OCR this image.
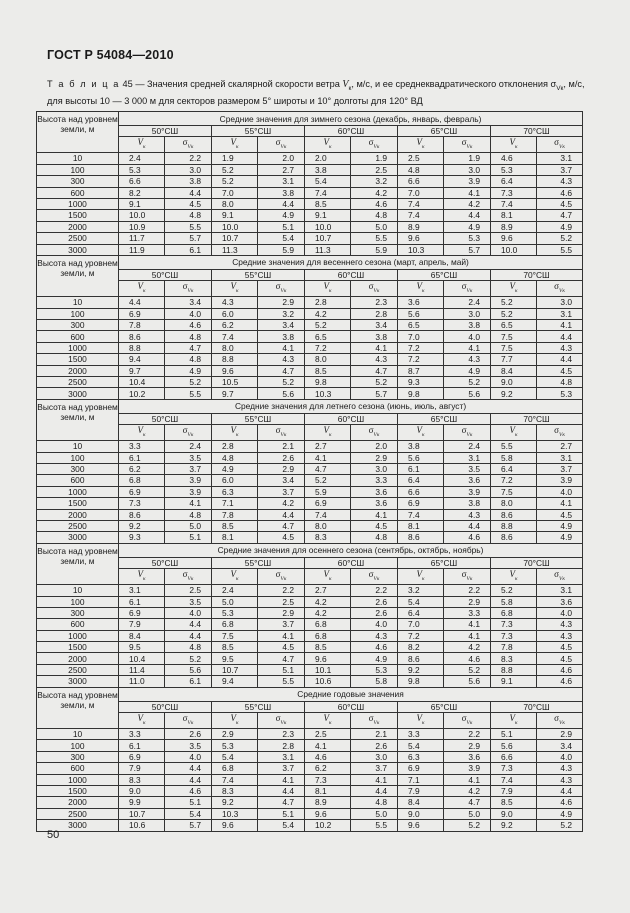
ГОСТ Р 54084—2010
Т а б л и ц а 45 — Значения средней скалярной скорости ветра $V_к$, м/с, и ее среднеквадратического отклонения $\sigma_{Vк}$, м/с, для высоты 10 — 3 000 м для секторов размером 5° широты и 10° долготы для 120° ВД
Высота над уровнем земли, м	Средние значения для зимнего сезона (декабрь, январь, февраль)									
	50°СШ		55°СШ		60°СШ		65°СШ		70°СШ	
	$V_к$	$\sigma_{Vк}$	$V_к$	$\sigma_{Vк}$	$V_к$	$\sigma_{Vк}$	$V_к$	$\sigma_{Vк}$	$V_к$	$\sigma_{Vк}$
10	2.4	2.2	1.9	2.0	2.0	1.9	2.5	1.9	4.6	3.1
100	5.3	3.0	5.2	2.7	3.8	2.5	4.8	3.0	5.3	3.7
300	6.6	3.8	5.2	3.1	5.4	3.2	6.6	3.9	6.4	4.3
600	8.2	4.4	7.0	3.8	7.4	4.2	7.0	4.1	7.3	4.6
1000	9.1	4.5	8.0	4.4	8.5	4.6	7.4	4.2	7.4	4.5
1500	10.0	4.8	9.1	4.9	9.1	4.8	7.4	4.4	8.1	4.7
2000	10.9	5.5	10.0	5.1	10.0	5.0	8.9	4.9	8.9	4.9
2500	11.7	5.7	10.7	5.4	10.7	5.5	9.6	5.3	9.6	5.2
3000	11.9	6.1	11.3	5.9	11.3	5.9	10.3	5.7	10.0	5.5
Высота над уровнем земли, м	Средние значения для весеннего сезона (март, апрель, май)									
	50°СШ		55°СШ		60°СШ		65°СШ		70°СШ	
	$V_к$	$\sigma_{Vк}$	$V_к$	$\sigma_{Vк}$	$V_к$	$\sigma_{Vк}$	$V_к$	$\sigma_{Vк}$	$V_к$	$\sigma_{Vк}$
10	4.4	3.4	4.3	2.9	2.8	2.3	3.6	2.4	5.2	3.0
100	6.9	4.0	6.0	3.2	4.2	2.8	5.6	3.0	5.2	3.1
300	7.8	4.6	6.2	3.4	5.2	3.4	6.5	3.8	6.5	4.1
600	8.6	4.8	7.4	3.8	6.5	3.8	7.0	4.0	7.5	4.4
1000	8.8	4.7	8.0	4.1	7.2	4.1	7.2	4.1	7.5	4.3
1500	9.4	4.8	8.8	4.3	8.0	4.3	7.2	4.3	7.7	4.4
2000	9.7	4.9	9.6	4.7	8.5	4.7	8.7	4.9	8.4	4.5
2500	10.4	5.2	10.5	5.2	9.8	5.2	9.3	5.2	9.0	4.8
3000	10.2	5.5	9.7	5.6	10.3	5.7	9.8	5.6	9.2	5.3
Высота над уровнем земли, м	Средние значения для летнего сезона (июнь, июль, август)									
	50°СШ		55°СШ		60°СШ		65°СШ		70°СШ	
	$V_к$	$\sigma_{Vк}$	$V_к$	$\sigma_{Vк}$	$V_к$	$\sigma_{Vк}$	$V_к$	$\sigma_{Vк}$	$V_к$	$\sigma_{Vк}$
10	3.3	2.4	2.8	2.1	2.7	2.0	3.8	2.4	5.5	2.7
100	6.1	3.5	4.8	2.6	4.1	2.9	5.6	3.1	5.8	3.1
300	6.2	3.7	4.9	2.9	4.7	3.0	6.1	3.5	6.4	3.7
600	6.8	3.9	6.0	3.4	5.2	3.3	6.4	3.6	7.2	3.9
1000	6.9	3.9	6.3	3.7	5.9	3.6	6.6	3.9	7.5	4.0
1500	7.3	4.1	7.1	4.2	6.9	3.6	6.9	3.8	8.0	4.1
2000	8.6	4.8	7.8	4.4	7.4	4.1	7.4	4.3	8.6	4.5
2500	9.2	5.0	8.5	4.7	8.0	4.5	8.1	4.4	8.8	4.9
3000	9.3	5.1	8.1	4.5	8.3	4.8	8.6	4.6	8.6	4.9
Высота над уровнем земли, м	Средние значения для осеннего сезона (сентябрь, октябрь, ноябрь)									
	50°СШ		55°СШ		60°СШ		65°СШ		70°СШ	
	$V_к$	$\sigma_{Vк}$	$V_к$	$\sigma_{Vк}$	$V_к$	$\sigma_{Vк}$	$V_к$	$\sigma_{Vк}$	$V_к$	$\sigma_{Vк}$
10	3.1	2.5	2.4	2.2	2.7	2.2	3.2	2.2	5.2	3.1
100	6.1	3.5	5.0	2.5	4.2	2.6	5.4	2.9	5.8	3.6
300	6.9	4.0	5.3	2.9	4.2	2.6	6.4	3.3	6.8	4.0
600	7.9	4.4	6.8	3.7	6.8	4.0	7.0	4.1	7.3	4.3
1000	8.4	4.4	7.5	4.1	6.8	4.3	7.2	4.1	7.3	4.3
1500	9.5	4.8	8.5	4.5	8.5	4.6	8.2	4.2	7.8	4.5
2000	10.4	5.2	9.5	4.7	9.6	4.9	8.6	4.6	8.3	4.5
2500	11.4	5.6	10.7	5.1	10.1	5.3	9.2	5.2	8.8	4.6
3000	11.0	6.1	9.4	5.5	10.6	5.8	9.8	5.6	9.1	4.6
Высота над уровнем земли, м	Средние годовые значения									
	50°СШ		55°СШ		60°СШ		65°СШ		70°СШ	
	$V_к$	$\sigma_{Vк}$	$V_к$	$\sigma_{Vк}$	$V_к$	$\sigma_{Vк}$	$V_к$	$\sigma_{Vк}$	$V_к$	$\sigma_{Vк}$
10	3.3	2.6	2.9	2.3	2.5	2.1	3.3	2.2	5.1	2.9
100	6.1	3.5	5.3	2.8	4.1	2.6	5.4	2.9	5.6	3.4
300	6.9	4.0	5.4	3.1	4.6	3.0	6.3	3.6	6.6	4.0
600	7.9	4.4	6.8	3.7	6.2	3.7	6.9	3.9	7.3	4.3
1000	8.3	4.4	7.4	4.1	7.3	4.1	7.1	4.1	7.4	4.3
1500	9.0	4.6	8.3	4.4	8.1	4.4	7.9	4.2	7.9	4.4
2000	9.9	5.1	9.2	4.7	8.9	4.8	8.4	4.7	8.5	4.6
2500	10.7	5.4	10.3	5.1	9.6	5.0	9.0	5.0	9.0	4.9
3000	10.6	5.7	9.6	5.4	10.2	5.5	9.6	5.2	9.2	5.2
50
